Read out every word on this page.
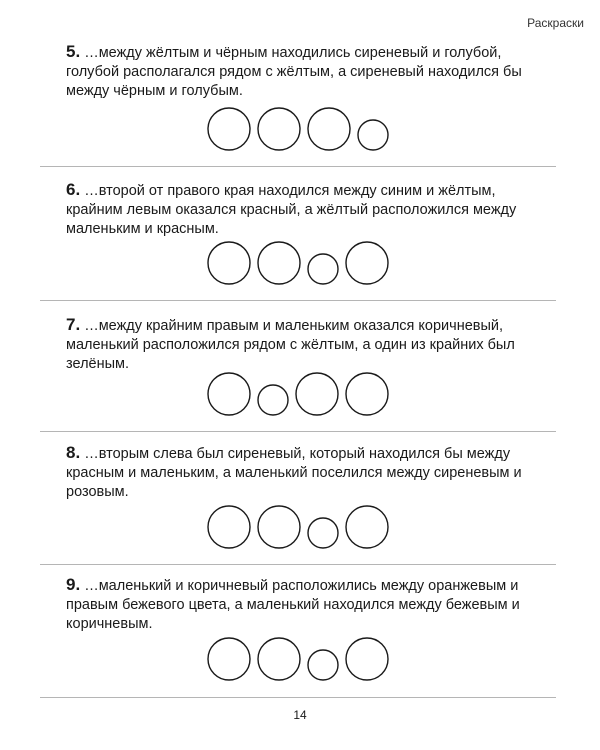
Раскраски
5. …между жёлтым и чёрным находились сиреневый и голубой, голубой располагался рядом с жёлтым, а сиреневый находился бы между чёрным и голубым.
6. …второй от правого края находился между синим и жёлтым, крайним левым оказался красный, а жёлтый расположился между маленьким и красным.
7. …между крайним правым и маленьким оказался коричневый, маленький расположился рядом с жёлтым, а один из крайних был зелёным.
8. …вторым слева был сиреневый, который находился бы между красным и маленьким, а маленький поселился между сиреневым и розовым.
9. …маленький и коричневый расположились между оранжевым и правым бежевого цвета, а маленький находился между бежевым и коричневым.
14
